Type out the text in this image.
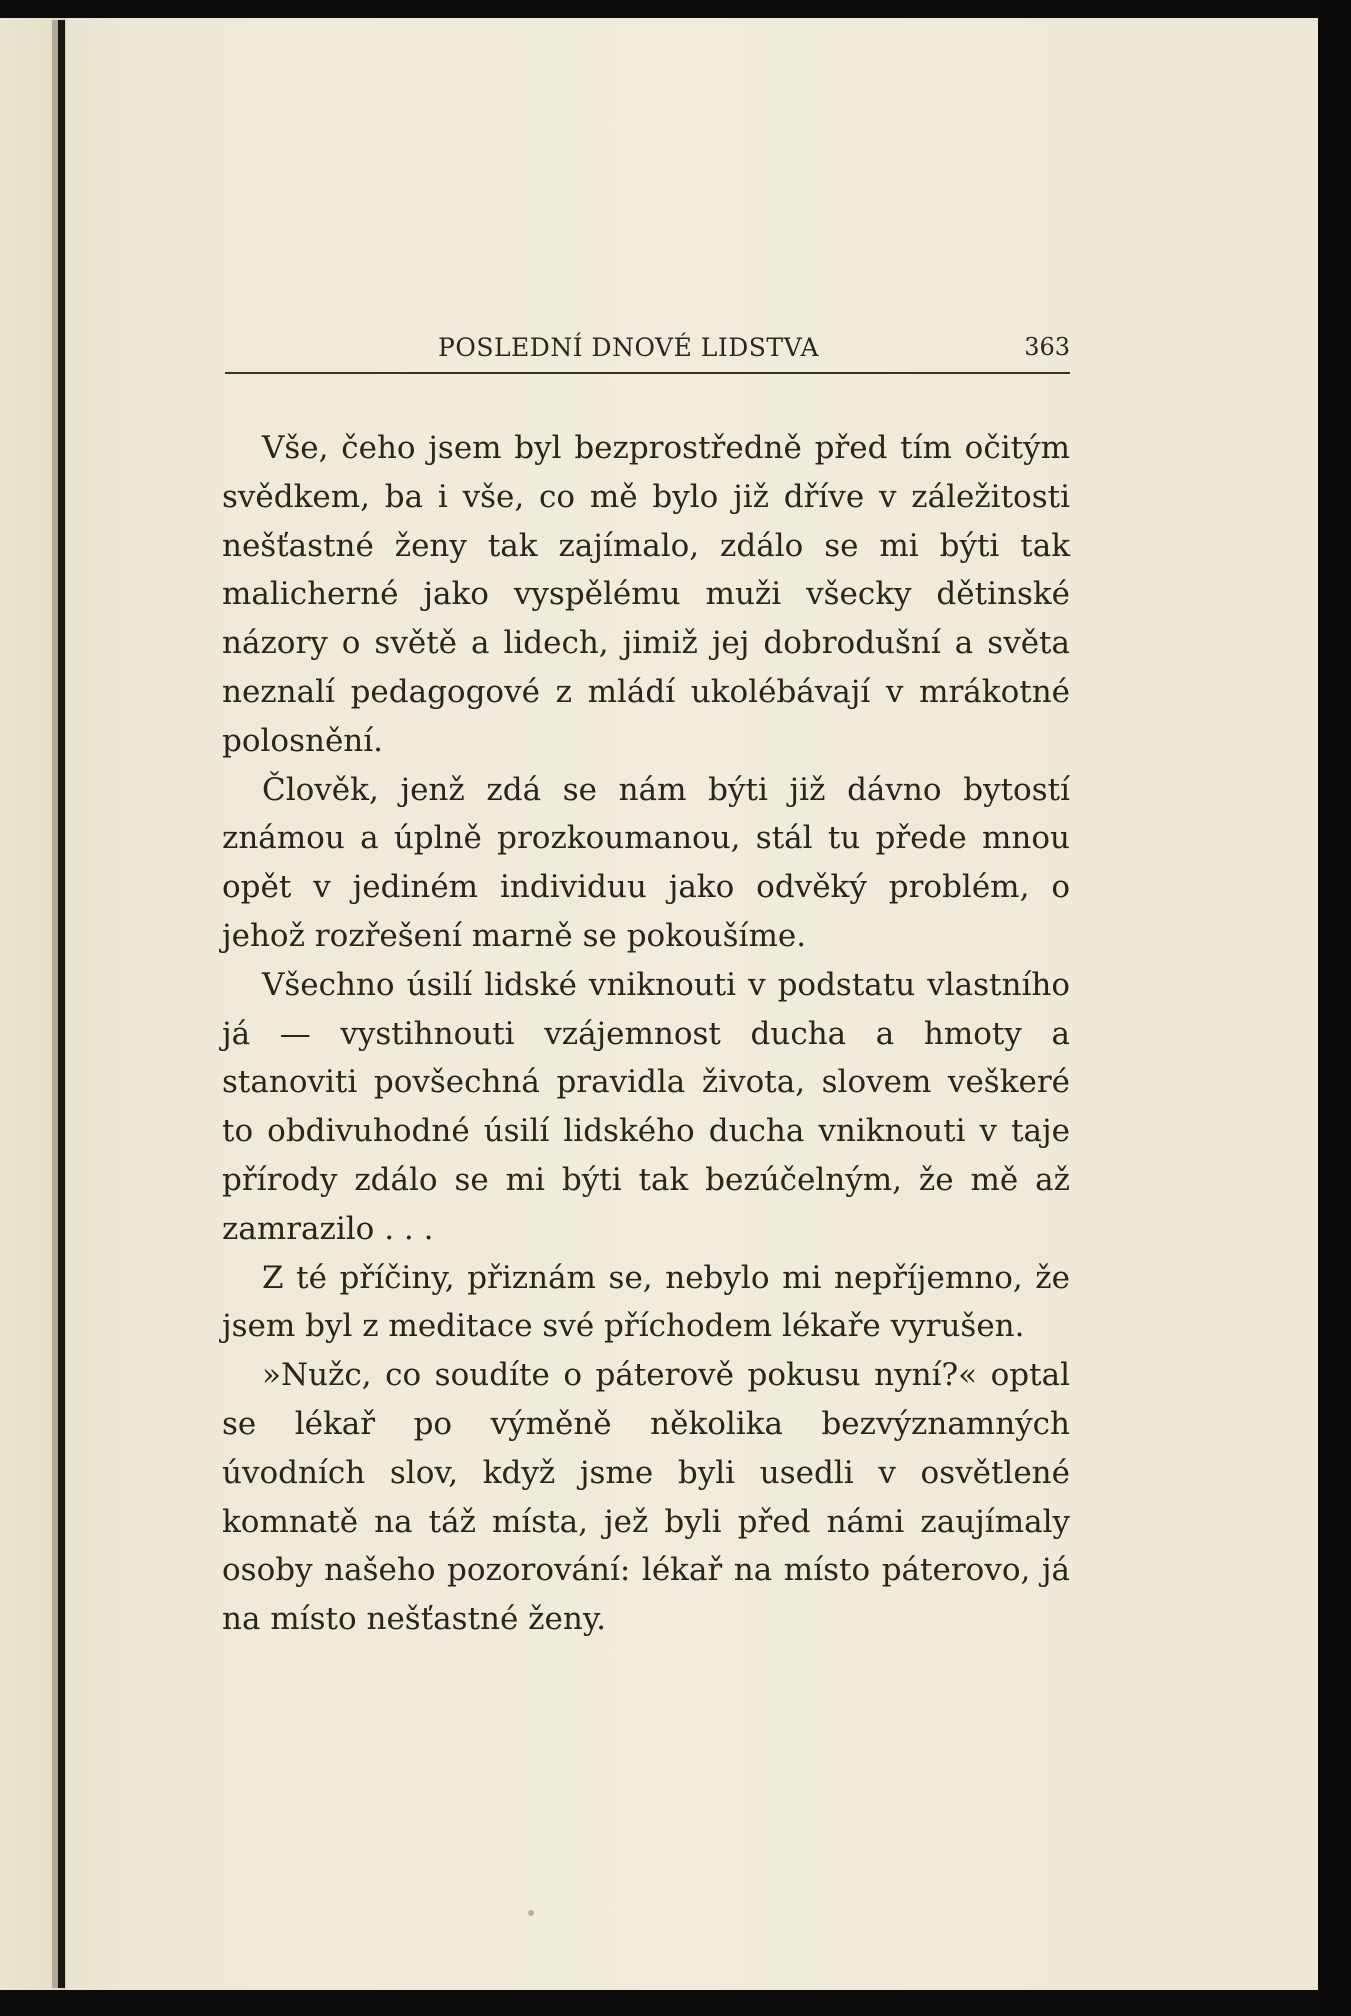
POSLEDNÍ DNOVÉ LIDSTVA	363

Vše, čeho jsem byl bezprostředně před tím očitým svědkem, ba i vše, co mě bylo již dříve v záležitosti nešťastné ženy tak zajímalo, zdálo se mi býti tak malicherné jako vyspělému muži všecky dětinské názory o světě a lidech, jimiž jej dobrodušní a světa neznalí pedagogové z mládí ukolébávají v mrákotné polosnění.

Člověk, jenž zdá se nám býti již dávno bytostí známou a úplně prozkoumanou, stál tu přede mnou opět v jediném individuu jako odvěký problém, o jehož rozřešení marně se pokoušíme.

Všechno úsilí lidské vniknouti v podstatu vlastního já — vystihnouti vzájemnost ducha a hmoty a stanoviti povšechná pravidla života, slovem veškeré to obdivuhodné úsilí lidského ducha vniknouti v taje přírody zdálo se mi býti tak bezúčelným, že mě až zamrazilo . . .

Z té příčiny, přiznám se, nebylo mi nepříjemno, že jsem byl z meditace své příchodem lékaře vyrušen.

»Nužc, co soudíte o páterově pokusu nyní?« optal se lékař po výměně několika bezvýznamných úvodních slov, když jsme byli usedli v osvětlené komnatě na táž místa, jež byli před námi zaujímaly osoby našeho pozorování: lékař na místo páterovo, já na místo nešťastné ženy.
